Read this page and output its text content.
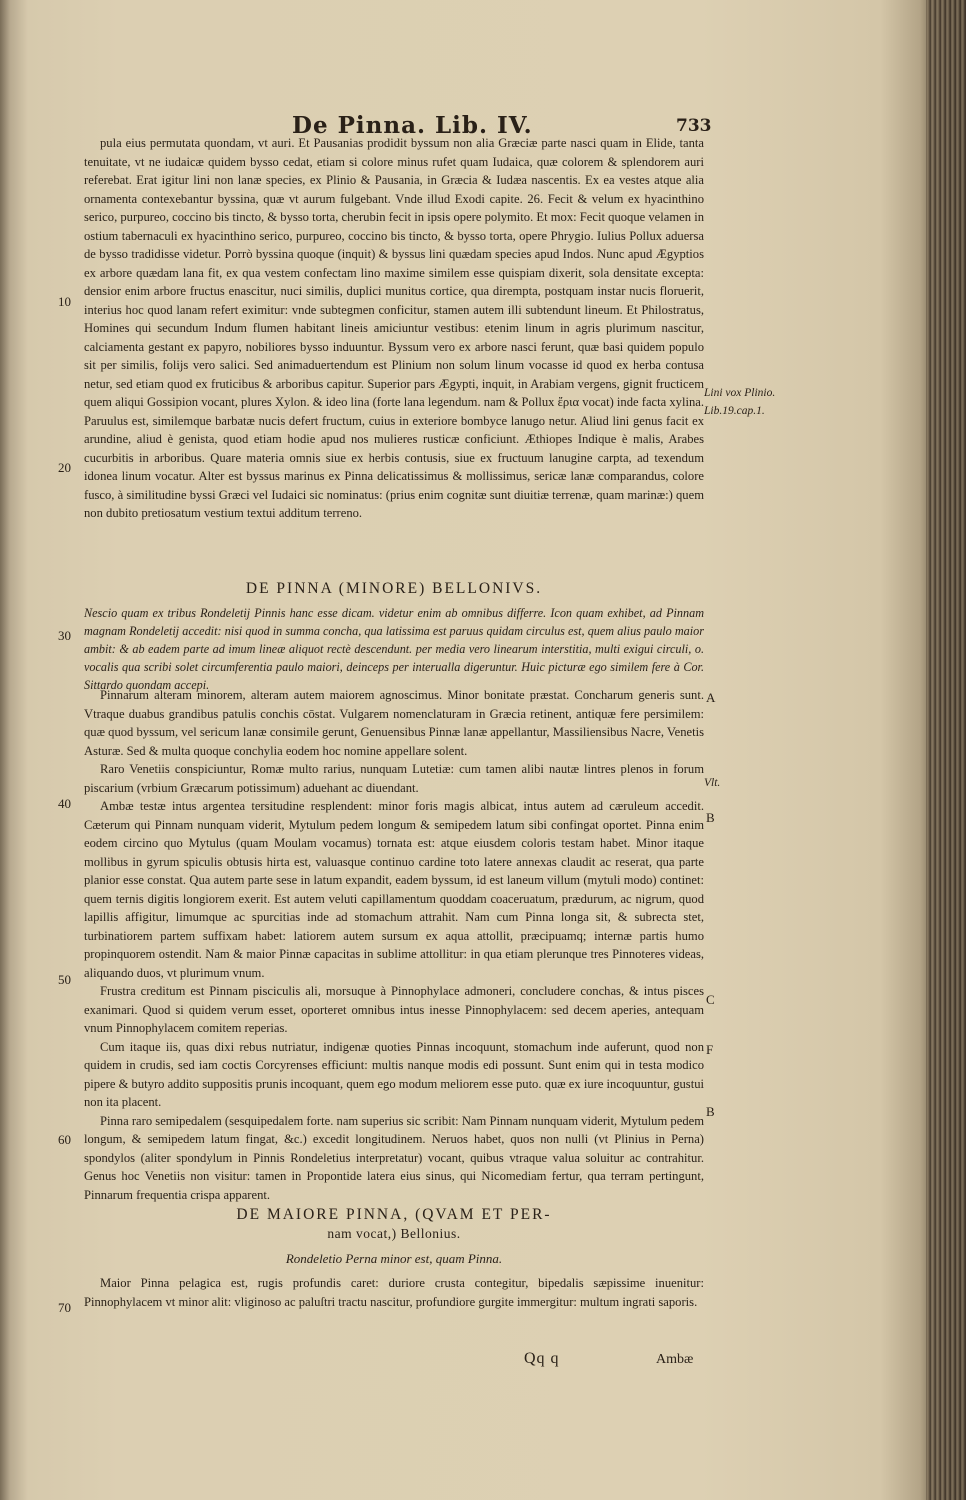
De Pinna. Lib. IV.	733

pula eius permutata quondam, vt auri. Et Pausanias prodidit byssum non alia Græciæ parte nasci quam in Elide, tanta tenuitate, vt ne iudaicæ quidem bysso cedat, etiam si colore minus rufet quam Iudaica, quæ colorem & splendorem auri referebat. Erat igitur lini non lanæ species, ex Plinio & Pausania, in Græcia & Iudæa nascentis. Ex ea vestes atque alia ornamenta contexebantur byssina, quæ vt aurum fulgebant. Vnde illud Exodi capite. 26. Fecit & velum ex hyacinthino serico, purpureo, coccino bis tincto, & bysso torta, cherubin fecit in ipsis opere polymito. Et mox: Fecit quoque velamen in ostium tabernaculi ex hyacinthino serico, purpureo, coccino bis tincto, & bysso torta, opere Phrygio. Iulius Pollux aduersa de bysso tradidisse videtur. Porrò byssina quoque (inquit) & byssus lini quædam species apud Indos. Nunc apud Ægyptios ex arbore quædam lana fit, ex qua vestem confectam lino maxime similem esse quispiam dixerit, sola densitate excepta: densior enim arbore fructus enascitur, nuci similis, duplici munitus cortice, qua dirempta, postquam instar nucis floruerit, interius hoc quod lanam refert eximitur: vnde subtegmen conficitur, stamen autem illi subtendunt lineum. Et Philostratus, Homines qui secundum Indum flumen habitant lineis amiciuntur vestibus: etenim linum in agris plurimum nascitur, calciamenta gestant ex papyro, nobiliores bysso induuntur. Byssum vero ex arbore nasci ferunt, quæ basi quidem populo sit per similis, folijs vero salici. Sed animaduertendum est Plinium non solum linum vocasse id quod ex herba contusa netur, sed etiam quod ex fruticibus & arboribus capitur. Superior pars Ægypti, inquit, in Arabiam vergens, gignit fructicem quem aliqui Gossipion vocant, plures Xylon. & ideo lina (forte lana legendum. nam & Pollux ἔρια vocat) inde facta xylina. Paruulus est, similemque barbatæ nucis defert fructum, cuius in exteriore bombyce lanugo netur. Aliud lini genus facit ex arundine, aliud è genista, quod etiam hodie apud nos mulieres rusticæ conficiunt. Æthiopes Indique è malis, Arabes cucurbitis in arboribus. Quare materia omnis siue ex herbis contusis, siue ex fructuum lanugine carpta, ad texendum idonea linum vocatur. Alter est byssus marinus ex Pinna delicatissimus & mollissimus, sericæ lanæ comparandus, colore fusco, à similitudine byssi Græci vel Iudaici sic nominatus: (prius enim cognitæ sunt diuitiæ terrenæ, quam marinæ:) quem non dubito pretiosatum vestium textui additum terreno.

DE PINNA (MINORE) BELLONIVS.

Nescio quam ex tribus Rondeletij Pinnis hanc esse dicam. videtur enim ab omnibus differre. Icon quam exhibet, ad Pinnam magnam Rondeletij accedit: nisi quod in summa concha, qua latissima est paruus quidam circulus est, quem alius paulo maior ambit: & ab eadem parte ad imum lineæ aliquot rectè descendunt. per media vero linearum interstitia, multi exigui circuli, o. vocalis qua scribi solet circumferentia paulo maiori, deinceps per interualla digeruntur. Huic picturæ ego similem fere à Cor. Sittardo quondam accepi.

Pinnarum alteram minorem, alteram autem maiorem agnoscimus. Minor bonitate præstat. Concharum generis sunt. Vtraque duabus grandibus patulis conchis cōstat. Vulgarem nomenclaturam in Græcia retinent, antiquæ fere persimilem: quæ quod byssum, vel sericum lanæ consimile gerunt, Genuensibus Pinnæ lanæ appellantur, Massiliensibus Nacre, Venetis Asturæ. Sed & multa quoque conchylia eodem hoc nomine appellare solent.

Raro Venetiis conspiciuntur, Romæ multo rarius, nunquam Lutetiæ: cum tamen alibi nautæ lintres plenos in forum piscarium (vrbium Græcarum potissimum) aduehant ac diuendant.

Ambæ testæ intus argentea tersitudine resplendent: minor foris magis albicat, intus autem ad cæruleum accedit. Cæterum qui Pinnam nunquam viderit, Mytulum pedem longum & semipedem latum sibi confingat oportet. Pinna enim eodem circino quo Mytulus (quam Moulam vocamus) tornata est: atque eiusdem coloris testam habet. Minor itaque mollibus in gyrum spiculis obtusis hirta est, valuasque continuo cardine toto latere annexas claudit ac reserat, qua parte planior esse constat. Qua autem parte sese in latum expandit, eadem byssum, id est laneum villum (mytuli modo) continet: quem ternis digitis longiorem exerit. Est autem veluti capillamentum quoddam coaceruatum, prædurum, ac nigrum, quod lapillis affigitur, limumque ac spurcitias inde ad stomachum attrahit. Nam cum Pinna longa sit, & subrecta stet, turbinatiorem partem suffixam habet: latiorem autem sursum ex aqua attollit, præcipuamq; internæ partis humo propinquorem ostendit. Nam & maior Pinnæ capacitas in sublime attollitur: in qua etiam plerunque tres Pinnoteres videas, aliquando duos, vt plurimum vnum.

Frustra creditum est Pinnam pisciculis ali, morsuque à Pinnophylace admoneri, concludere conchas, & intus pisces exanimari. Quod si quidem verum esset, oporteret omnibus intus inesse Pinnophylacem: sed decem aperies, antequam vnum Pinnophylacem comitem reperias.

Cum itaque iis, quas dixi rebus nutriatur, indigenæ quoties Pinnas incoquunt, stomachum inde auferunt, quod non quidem in crudis, sed iam coctis Corcyrenses efficiunt: multis nanque modis edi possunt. Sunt enim qui in testa modico pipere & butyro addito suppositis prunis incoquant, quem ego modum meliorem esse puto. quæ ex iure incoquuntur, gustui non ita placent.

Pinna raro semipedalem (sesquipedalem forte. nam superius sic scribit: Nam Pinnam nunquam viderit, Mytulum pedem longum, & semipedem latum fingat, &c.) excedit longitudinem. Neruos habet, quos non nulli (vt Plinius in Perna) spondylos (aliter spondylum in Pinnis Rondeletius interpretatur) vocant, quibus vtraque valua soluitur ac contrahitur. Genus hoc Venetiis non visitur: tamen in Propontide latera eius sinus, qui Nicomediam fertur, qua terram pertingunt, Pinnarum frequentia crispa apparent.

DE MAIORE PINNA, (QVAM ET PER-
nam vocat,) Bellonius.
Rondeletio Perna minor est, quam Pinna.

Maior Pinna pelagica est, rugis profundis caret: duriore crusta contegitur, bipedalis sæpissime inuenitur: Pinnophylacem vt minor alit: vliginoso ac paluſtri tractu nascitur, profundiore gurgite immergitur: multum ingrati saporis.

10
20
30
40
50
60
70
Lini vox Plinio.
Lib.19.cap.1.
Vlt.
A
B
C
F
B
Qq q	Ambæ
